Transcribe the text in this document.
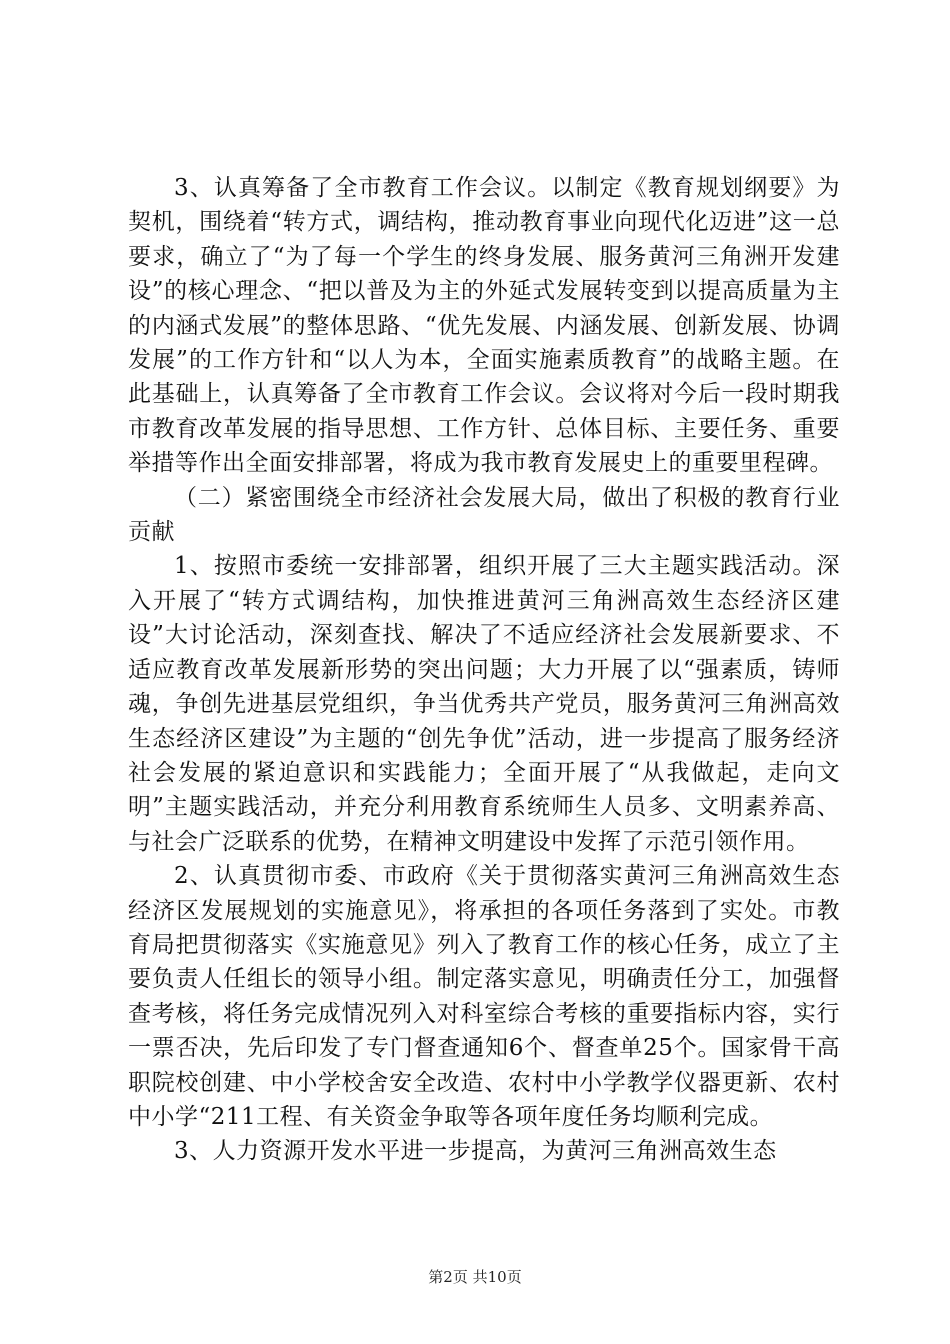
3、认真筹备了全市教育工作会议。以制定《教育规划纲要》为契机，围绕着“转方式，调结构，推动教育事业向现代化迈进”这一总要求，确立了“为了每一个学生的终身发展、服务黄河三角洲开发建设”的核心理念、“把以普及为主的外延式发展转变到以提高质量为主的内涵式发展”的整体思路、“优先发展、内涵发展、创新发展、协调发展”的工作方针和“以人为本，全面实施素质教育”的战略主题。在此基础上，认真筹备了全市教育工作会议。会议将对今后一段时期我市教育改革发展的指导思想、工作方针、总体目标、主要任务、重要举措等作出全面安排部署，将成为我市教育发展史上的重要里程碑。

（二）紧密围绕全市经济社会发展大局，做出了积极的教育行业贡献

1、按照市委统一安排部署，组织开展了三大主题实践活动。深入开展了“转方式调结构，加快推进黄河三角洲高效生态经济区建设”大讨论活动，深刻查找、解决了不适应经济社会发展新要求、不适应教育改革发展新形势的突出问题；大力开展了以“强素质，铸师魂，争创先进基层党组织，争当优秀共产党员，服务黄河三角洲高效生态经济区建设”为主题的“创先争优”活动，进一步提高了服务经济社会发展的紧迫意识和实践能力；全面开展了“从我做起，走向文明”主题实践活动，并充分利用教育系统师生人员多、文明素养高、与社会广泛联系的优势，在精神文明建设中发挥了示范引领作用。

2、认真贯彻市委、市政府《关于贯彻落实黄河三角洲高效生态经济区发展规划的实施意见》，将承担的各项任务落到了实处。市教育局把贯彻落实《实施意见》列入了教育工作的核心任务，成立了主要负责人任组长的领导小组。制定落实意见，明确责任分工，加强督查考核，将任务完成情况列入对科室综合考核的重要指标内容，实行一票否决，先后印发了专门督查通知6个、督查单25个。国家骨干高职院校创建、中小学校舍安全改造、农村中小学教学仪器更新、农村中小学“211工程、有关资金争取等各项年度任务均顺利完成。

3、人力资源开发水平进一步提高，为黄河三角洲高效生态

第2页 共10页
